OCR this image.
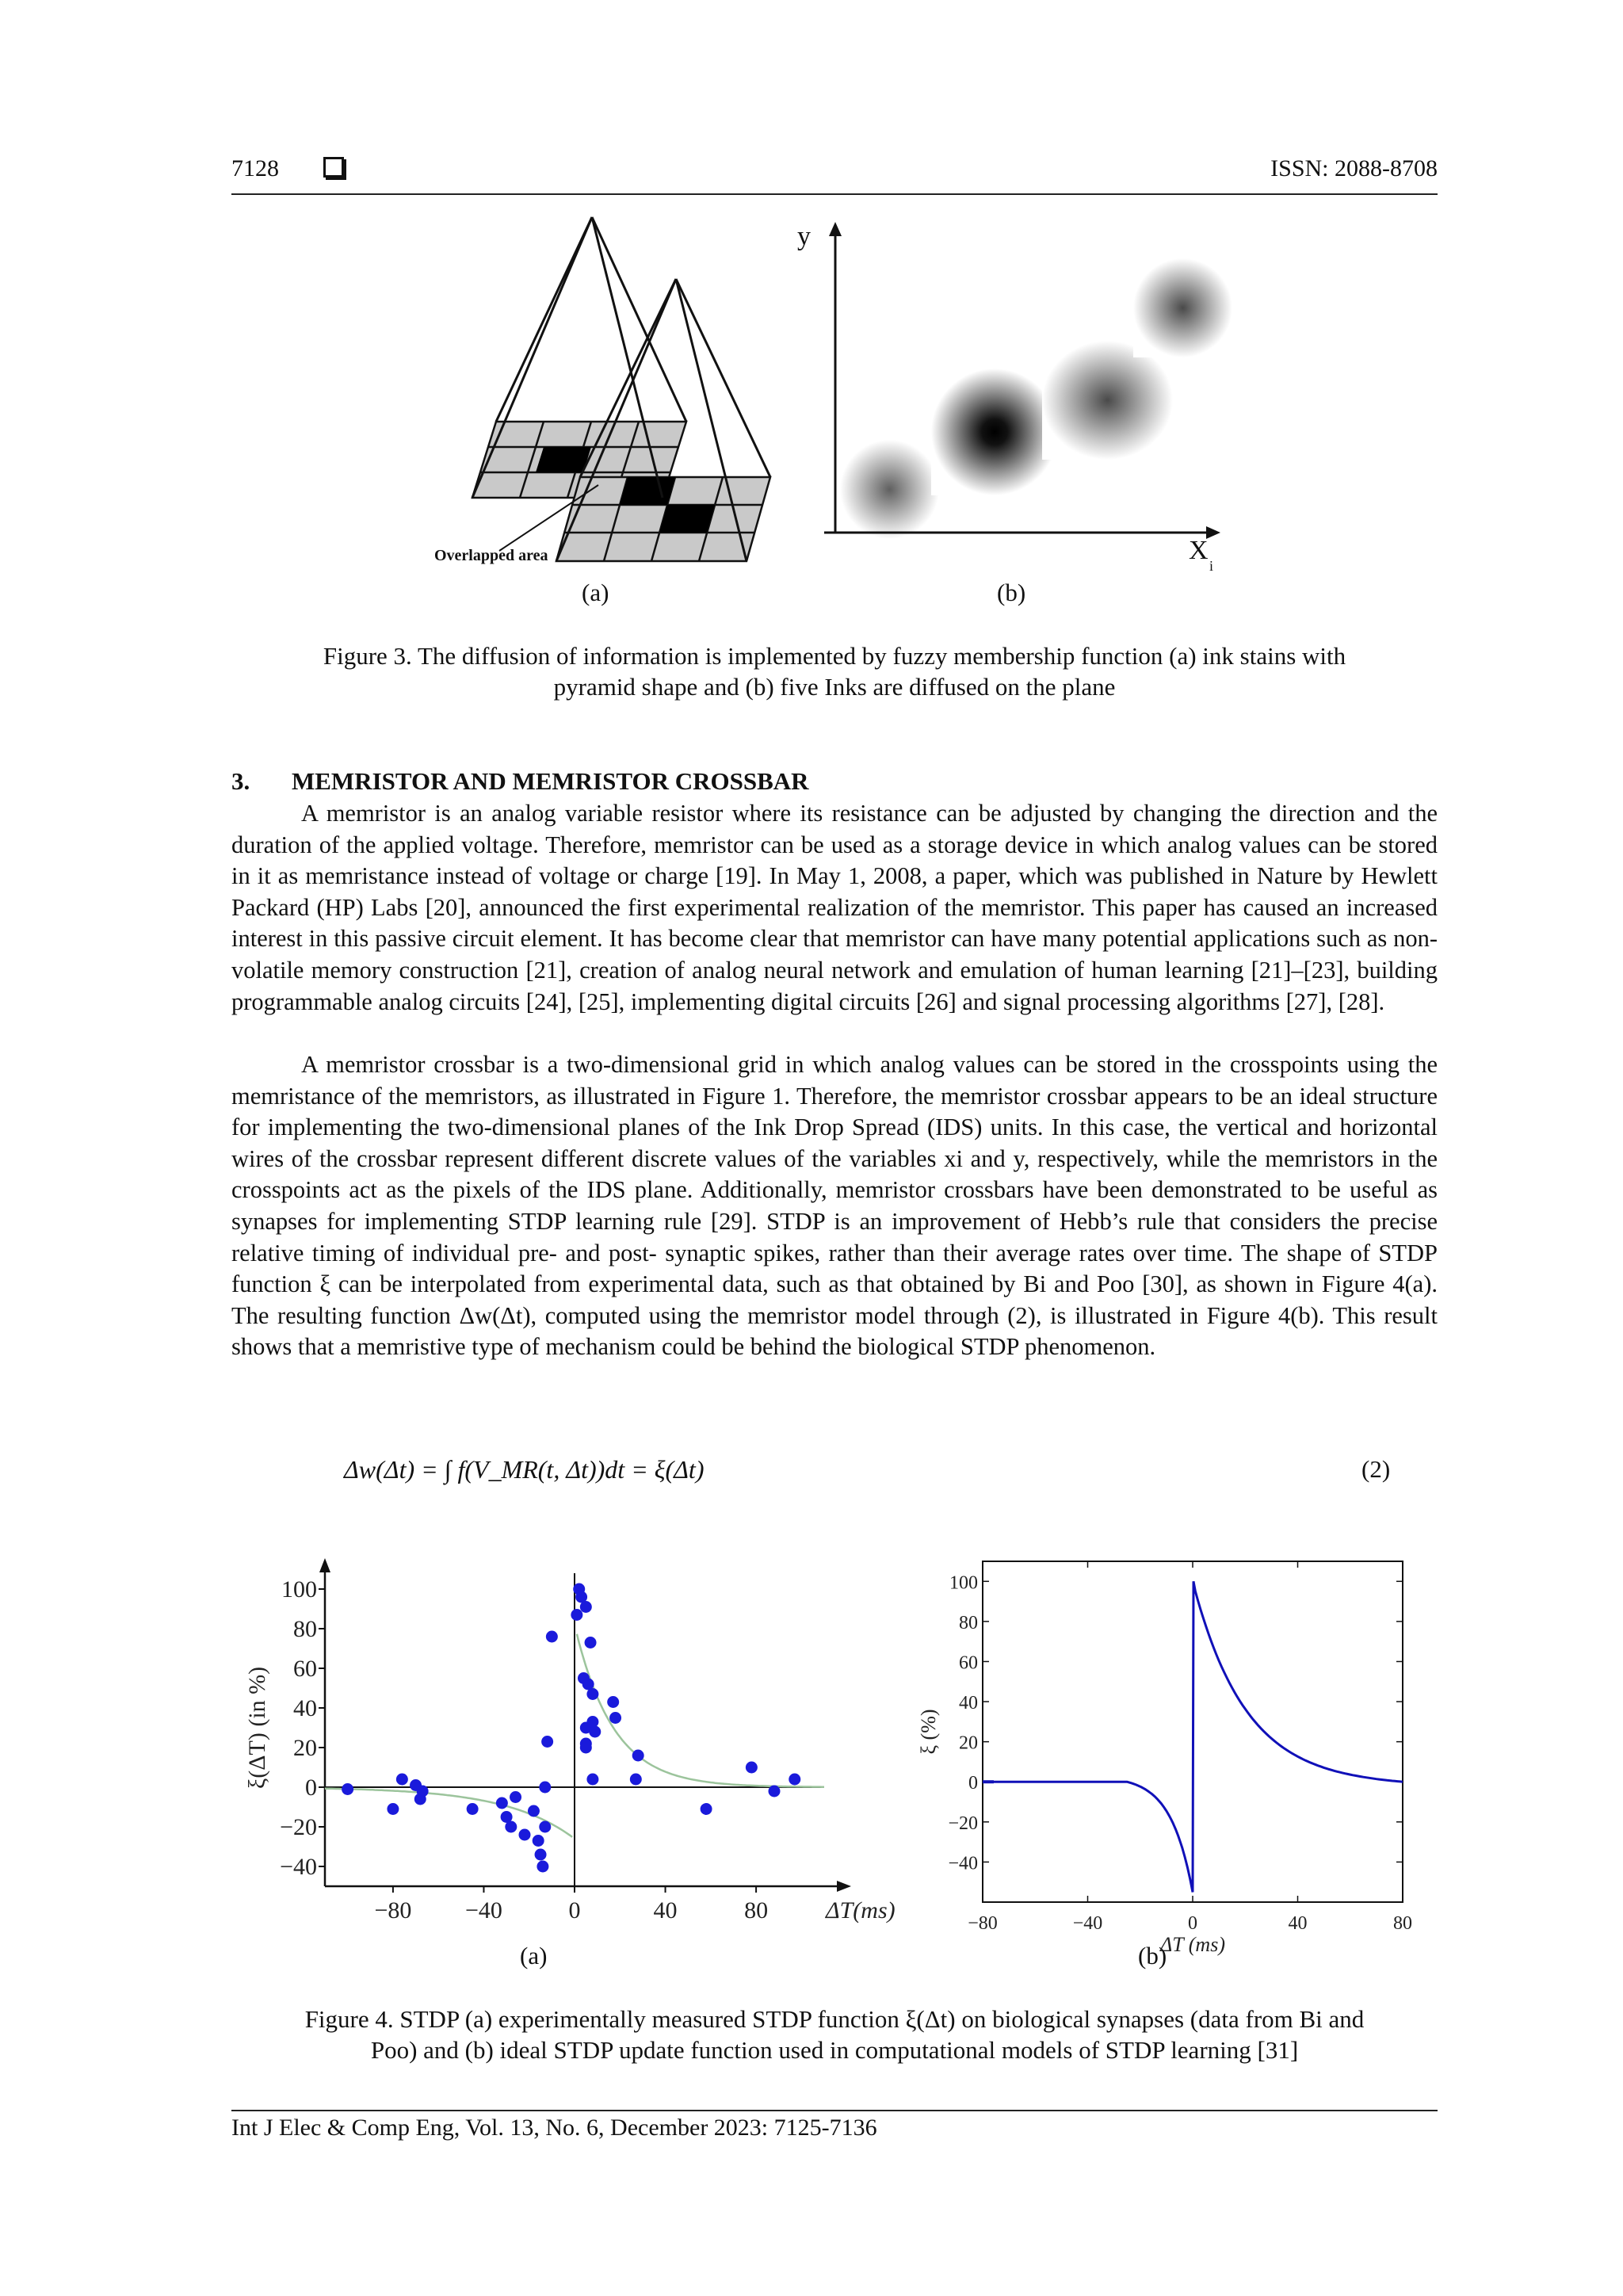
7128	ISSN: 2088-8708
Overlapped area
y
X
i
(a)	(b)
Figure 3. The diffusion of information is implemented by fuzzy membership function (a) ink stains with
pyramid shape and (b) five Inks are diffused on the plane
3. MEMRISTOR AND MEMRISTOR CROSSBAR

A memristor is an analog variable resistor where its resistance can be adjusted by changing the direction and the duration of the applied voltage. Therefore, memristor can be used as a storage device in which analog values can be stored in it as memristance instead of voltage or charge [19]. In May 1, 2008, a paper, which was published in Nature by Hewlett Packard (HP) Labs [20], announced the first experimental realization of the memristor. This paper has caused an increased interest in this passive circuit element. It has become clear that memristor can have many potential applications such as non-volatile memory construction [21], creation of analog neural network and emulation of human learning [21]–[23], building programmable analog circuits [24], [25], implementing digital circuits [26] and signal processing algorithms [27], [28].

A memristor crossbar is a two-dimensional grid in which analog values can be stored in the crosspoints using the memristance of the memristors, as illustrated in Figure 1. Therefore, the memristor crossbar appears to be an ideal structure for implementing the two-dimensional planes of the Ink Drop Spread (IDS) units. In this case, the vertical and horizontal wires of the crossbar represent different discrete values of the variables xi and y, respectively, while the memristors in the crosspoints act as the pixels of the IDS plane. Additionally, memristor crossbars have been demonstrated to be useful as synapses for implementing STDP learning rule [29]. STDP is an improvement of Hebb’s rule that considers the precise relative timing of individual pre- and post- synaptic spikes, rather than their average rates over time. The shape of STDP function ξ can be interpolated from experimental data, such as that obtained by Bi and Poo [30], as shown in Figure 4(a). The resulting function Δw(Δt), computed using the memristor model through (2), is illustrated in Figure 4(b). This result shows that a memristive type of mechanism could be behind the biological STDP phenomenon.

Δw(Δt) = ∫ f(V_MR(t, Δt))dt = ξ(Δt)	(2)
100
80
60
40
20
0
−20
−40
−80 −40	0	40	80 ΔT(ms)
ξ(ΔT) (in %)
100
80
60
40
20
0
−20
−40
−80	−40	0	40	80
ΔT (ms)
ξ (%)
(a)	(b)
Figure 4. STDP (a) experimentally measured STDP function ξ(Δt) on biological synapses (data from Bi and
Poo) and (b) ideal STDP update function used in computational models of STDP learning [31]
Int J Elec & Comp Eng, Vol. 13, No. 6, December 2023: 7125-7136
